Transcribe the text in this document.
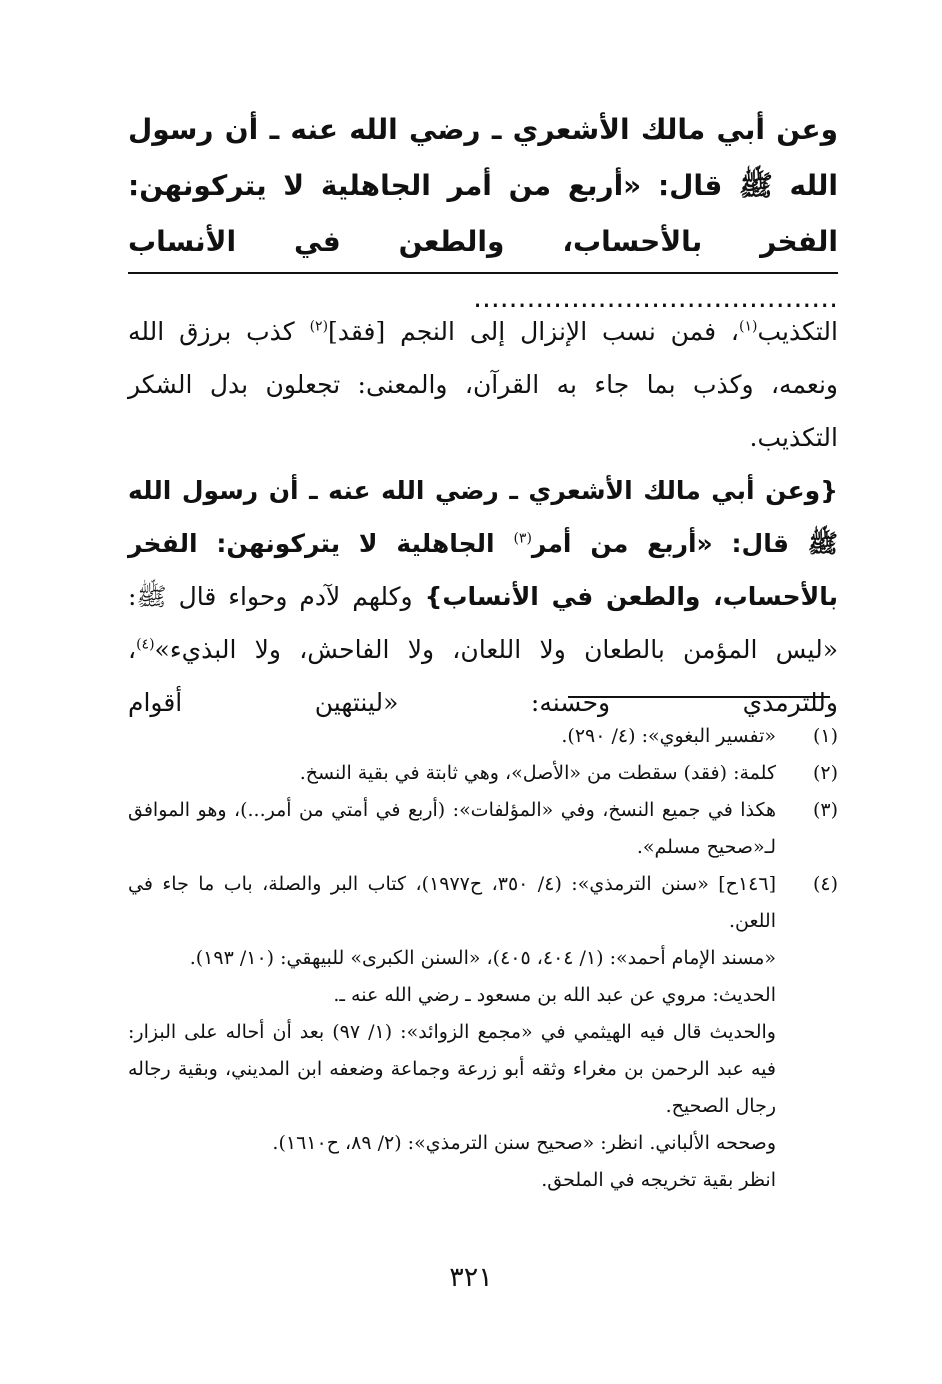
وعن أبي مالك الأشعري ـ رضي الله عنه ـ أن رسول الله ﷺ قال: «أربع من أمر الجاهلية لا يتركونهن: الفخر بالأحساب، والطعن في الأنساب .........................................

التكذيب$^{(١)}$، فمن نسب الإنزال إلى النجم [فقد]$^{(٢)}$ كذب برزق الله ونعمه، وكذب بما جاء به القرآن، والمعنى: تجعلون بدل الشكر التكذيب.

{وعن أبي مالك الأشعري ـ رضي الله عنه ـ أن رسول الله ﷺ قال: «أربع من أمر$^{(٣)}$ الجاهلية لا يتركونهن: الفخر بالأحساب، والطعن في الأنساب} وكلهم لآدم وحواء قال ﷺ: «ليس المؤمن بالطعان ولا اللعان، ولا الفاحش، ولا البذيء»$^{(٤)}$، وللترمذي وحسنه: «لينتهين أقوام

(١)
«تفسير البغوي»: (٤/ ٢٩٠).
(٢)
كلمة: (فقد) سقطت من «الأصل»، وهي ثابتة في بقية النسخ.
(٣)
هكذا في جميع النسخ، وفي «المؤلفات»: (أربع في أمتي من أمر...)، وهو الموافق لـ«صحيح مسلم».
(٤)
[١٤٦ح] «سنن الترمذي»: (٤/ ٣٥٠، ح١٩٧٧)، كتاب البر والصلة، باب ما جاء في اللعن.
«مسند الإمام أحمد»: (١/ ٤٠٤، ٤٠٥)، «السنن الكبرى» للبيهقي: (١٠/ ١٩٣).
الحديث: مروي عن عبد الله بن مسعود ـ رضي الله عنه ـ.
والحديث قال فيه الهيثمي في «مجمع الزوائد»: (١/ ٩٧) بعد أن أحاله على البزار: فيه عبد الرحمن بن مغراء وثقه أبو زرعة وجماعة وضعفه ابن المديني، وبقية رجاله رجال الصحيح.
وصححه الألباني. انظر: «صحيح سنن الترمذي»: (٢/ ٨٩، ح١٦١٠).
انظر بقية تخريجه في الملحق.
٣٢١
